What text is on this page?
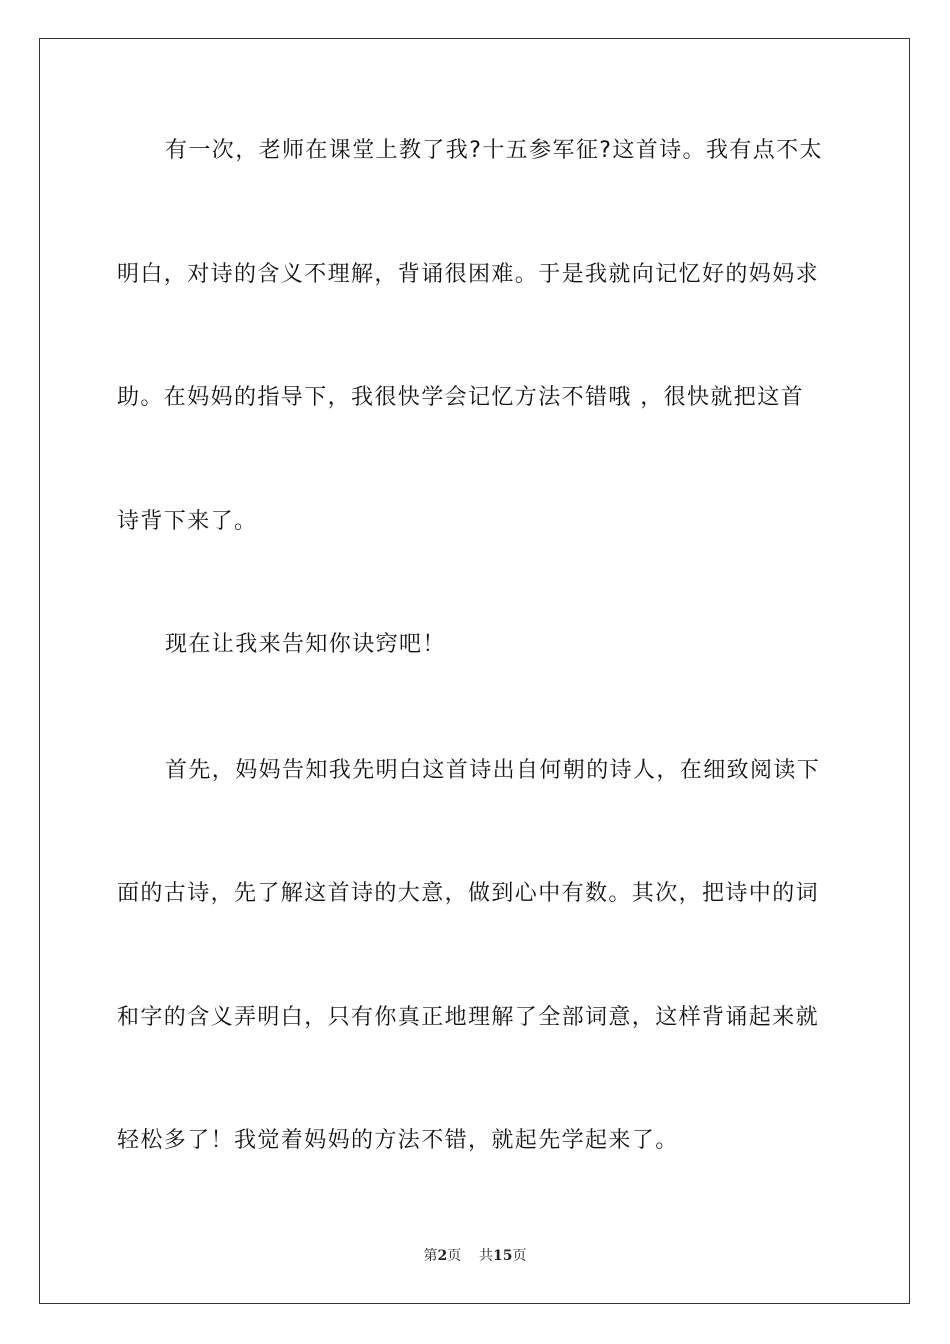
有一次，老师在课堂上教了我?十五参军征?这首诗。我有点不太
明白，对诗的含义不理解，背诵很困难。于是我就向记忆好的妈妈求
助。在妈妈的指导下，我很快学会记忆方法不错哦 ，很快就把这首
诗背下来了。
现在让我来告知你诀窍吧！
首先，妈妈告知我先明白这首诗出自何朝的诗人，在细致阅读下
面的古诗，先了解这首诗的大意，做到心中有数。其次，把诗中的词
和字的含义弄明白，只有你真正地理解了全部词意，这样背诵起来就
轻松多了！我觉着妈妈的方法不错，就起先学起来了。
第2页 共15页
